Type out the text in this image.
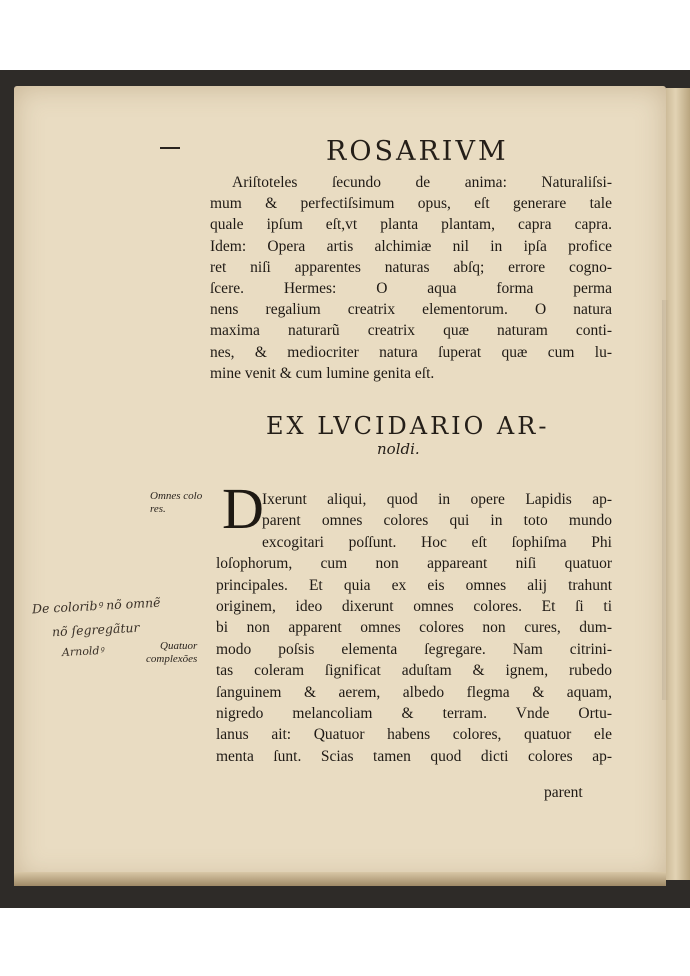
ROSARIVM
Ariſtoteles ſecundo de anima: Naturaliſsi-
mum & perfectiſsimum opus, eſt generare tale
quale ipſum eſt,vt planta plantam, capra capra.
Idem: Opera artis alchimiæ nil in ipſa profice
ret niſi apparentes naturas abſq; errore cogno-
ſcere. Hermes: O aqua forma perma
nens regalium creatrix elementorum. O natura
maxima naturarũ creatrix quæ naturam conti-
nes, & mediocriter natura ſuperat quæ cum lu-
mine venit & cum lumine genita eſt.
EX LVCIDARIO AR-
noldi.
D
Ixerunt aliqui, quod in opere Lapidis ap-
parent omnes colores qui in toto mundo
excogitari poſſunt. Hoc eſt ſophiſma Phi
loſophorum, cum non appareant niſi quatuor
principales. Et quia ex eis omnes alij trahunt
originem, ideo dixerunt omnes colores. Et ſi ti
bi non apparent omnes colores non cures, dum-
modo poſsis elementa ſegregare. Nam citrini-
tas coleram ſignificat aduſtam & ignem, rubedo
ſanguinem & aerem, albedo flegma & aquam,
nigredo melancoliam & terram. Vnde Ortu-
lanus ait: Quatuor habens colores, quatuor ele
menta ſunt. Scias tamen quod dicti colores ap-
parent
Omnes colo
res.
Quatuor
complexões
De coloribꝰ nõ omnẽ
nõ ſegregãtur
Arnoldꝰ
